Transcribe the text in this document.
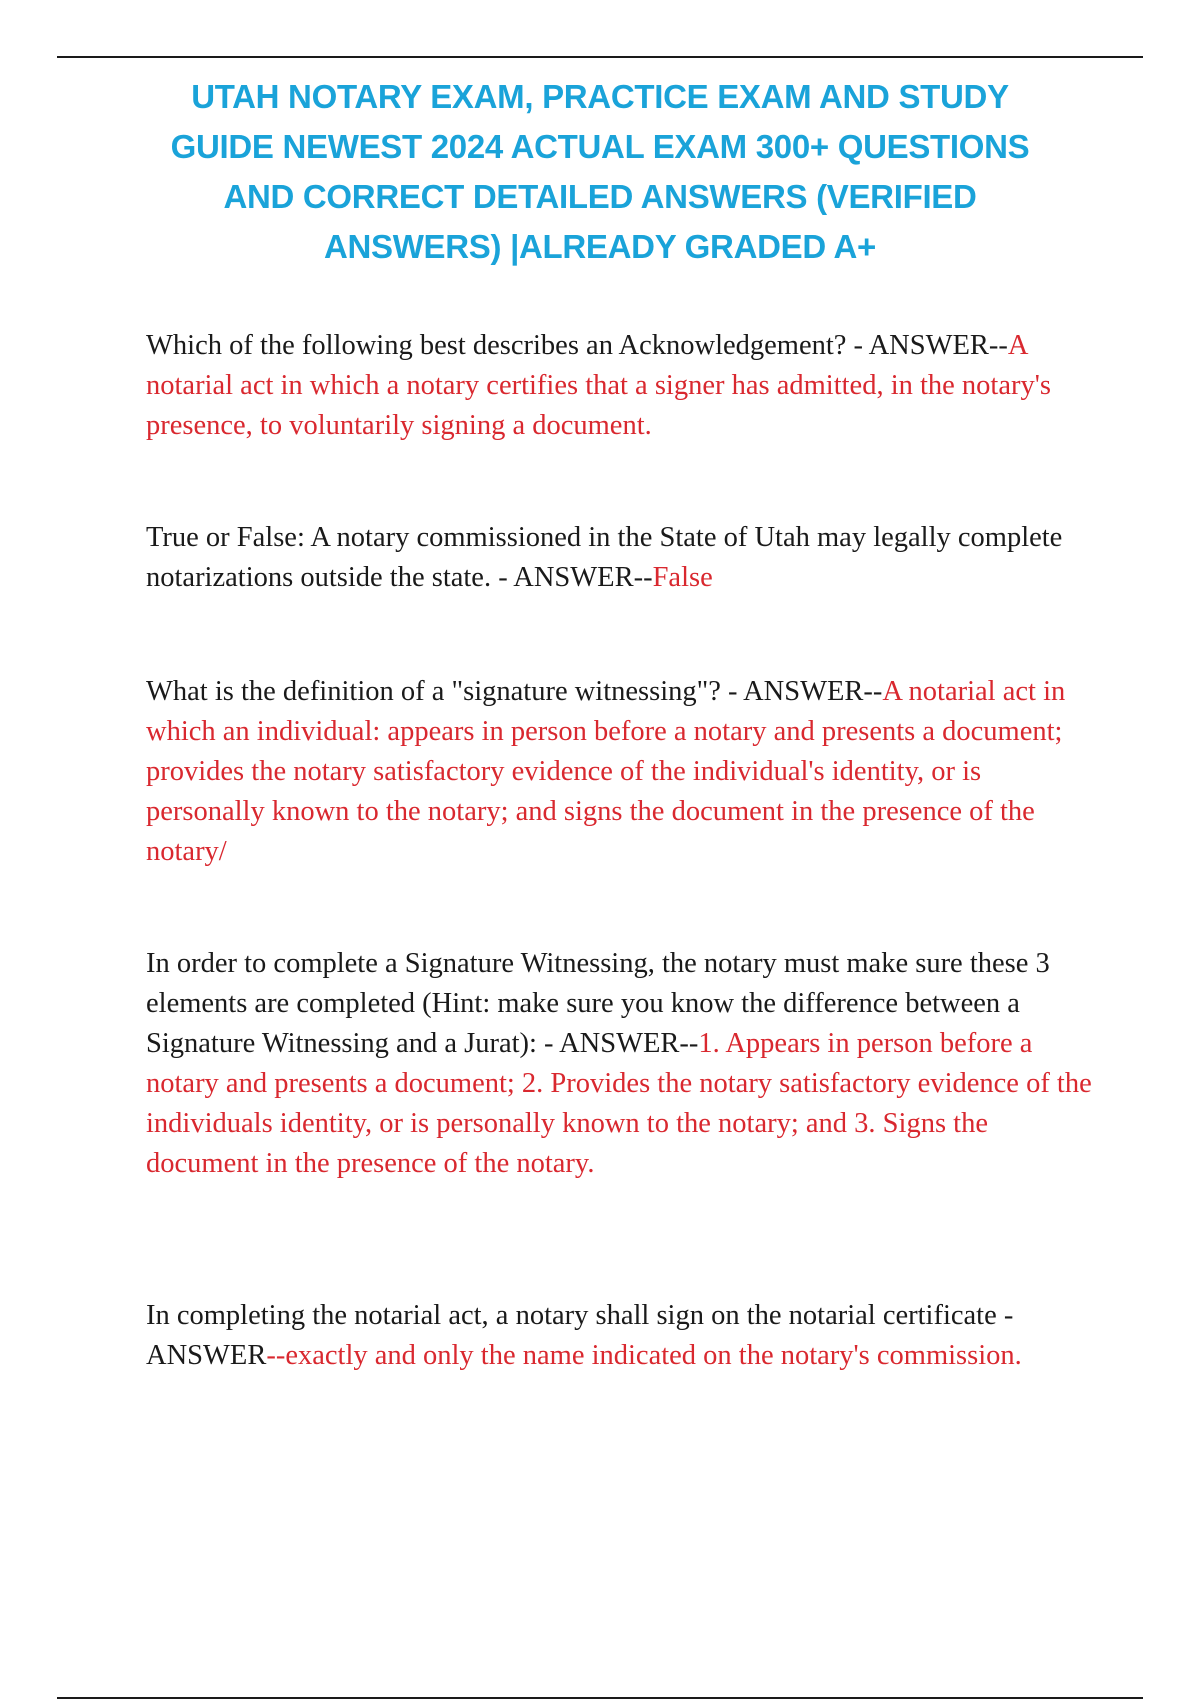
UTAH NOTARY EXAM, PRACTICE EXAM AND STUDY GUIDE NEWEST 2024 ACTUAL EXAM 300+ QUESTIONS AND CORRECT DETAILED ANSWERS (VERIFIED ANSWERS) |ALREADY GRADED A+

Which of the following best describes an Acknowledgement? - ANSWER--A notarial act in which a notary certifies that a signer has admitted, in the notary's presence, to voluntarily signing a document.

True or False: A notary commissioned in the State of Utah may legally complete notarizations outside the state. - ANSWER--False

What is the definition of a "signature witnessing"? - ANSWER--A notarial act in which an individual: appears in person before a notary and presents a document; provides the notary satisfactory evidence of the individual's identity, or is personally known to the notary; and signs the document in the presence of the notary/

In order to complete a Signature Witnessing, the notary must make sure these 3 elements are completed (Hint: make sure you know the difference between a Signature Witnessing and a Jurat): - ANSWER--1. Appears in person before a notary and presents a document; 2. Provides the notary satisfactory evidence of the individuals identity, or is personally known to the notary; and 3. Signs the document in the presence of the notary.

In completing the notarial act, a notary shall sign on the notarial certificate - ANSWER--exactly and only the name indicated on the notary's commission.
